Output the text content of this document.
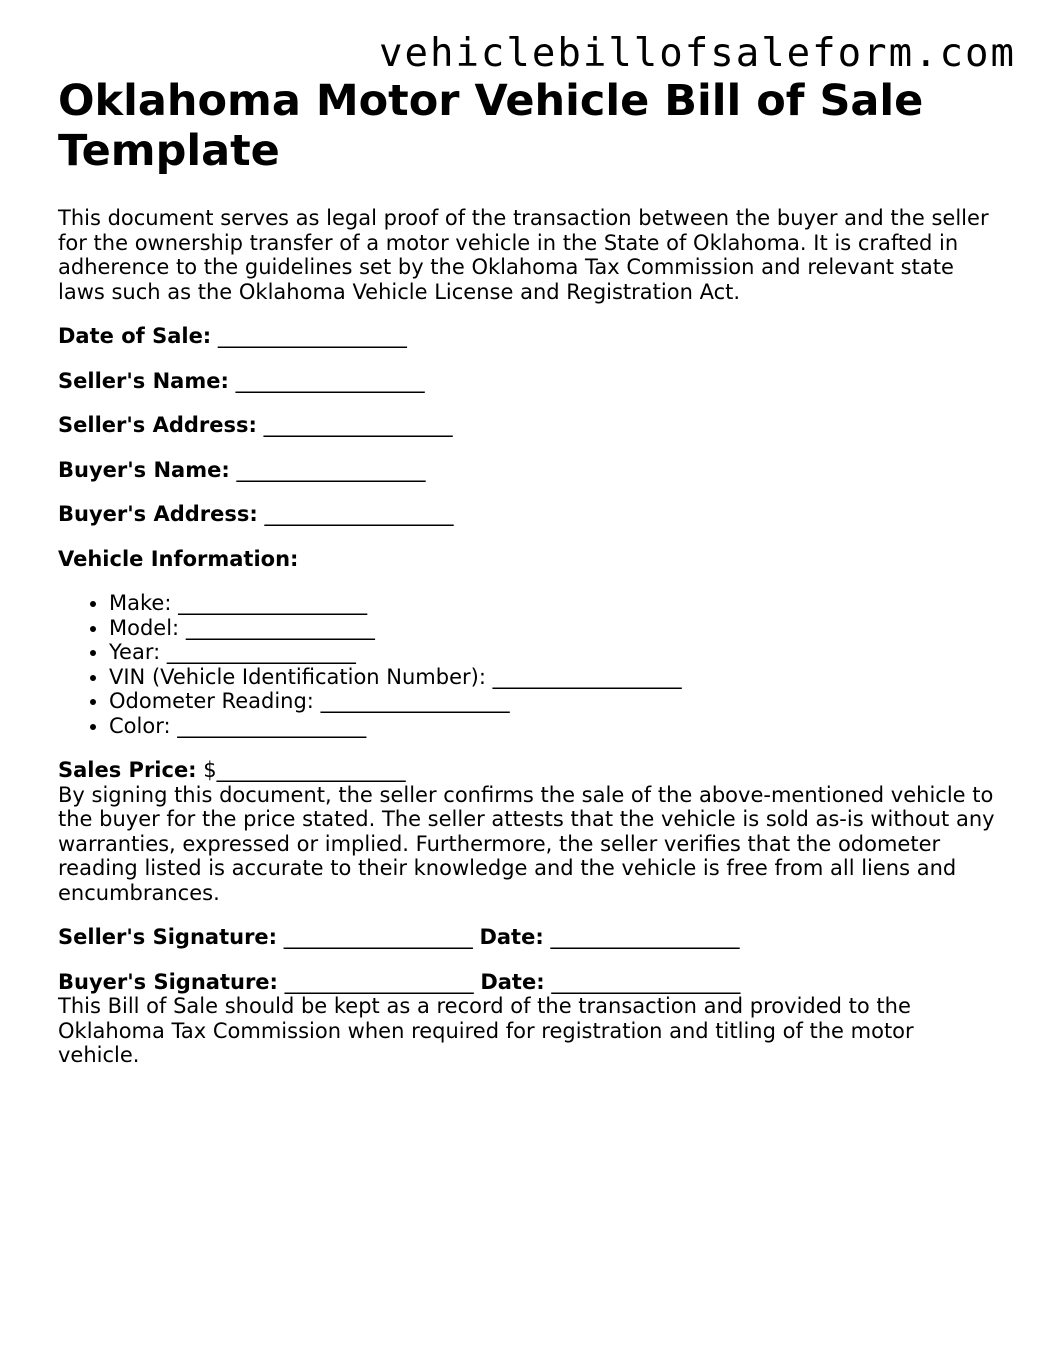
vehiclebillofsaleform.com
Oklahoma Motor Vehicle Bill of Sale Template

This document serves as legal proof of the transaction between the buyer and the seller for the ownership transfer of a motor vehicle in the State of Oklahoma. It is crafted in adherence to the guidelines set by the Oklahoma Tax Commission and relevant state laws such as the Oklahoma Vehicle License and Registration Act.

Date of Sale: __________________

Seller's Name: __________________

Seller's Address: __________________

Buyer's Name: __________________

Buyer's Address: __________________

Vehicle Information:

• Make: __________________
• Model: __________________
• Year: __________________
• VIN (Vehicle Identification Number): __________________
• Odometer Reading: __________________
• Color: __________________

Sales Price: $__________________

By signing this document, the seller confirms the sale of the above-mentioned vehicle to the buyer for the price stated. The seller attests that the vehicle is sold as-is without any warranties, expressed or implied. Furthermore, the seller verifies that the odometer reading listed is accurate to their knowledge and the vehicle is free from all liens and encumbrances.

Seller's Signature: __________________ Date: __________________

Buyer's Signature: __________________ Date: __________________

This Bill of Sale should be kept as a record of the transaction and provided to the Oklahoma Tax Commission when required for registration and titling of the motor vehicle.
